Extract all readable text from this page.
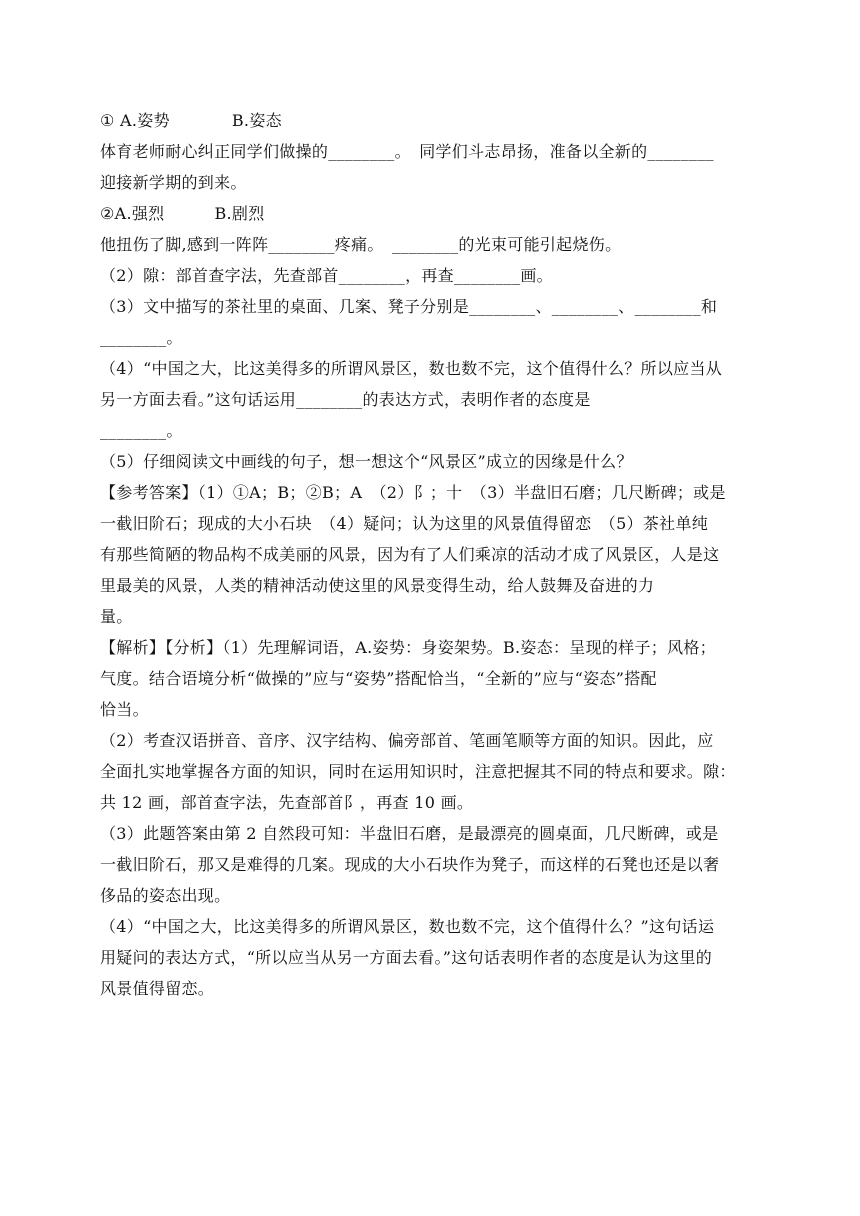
① A.姿势	B.姿态
体育老师耐心纠正同学们做操的________。　同学们斗志昂扬，准备以全新的________
迎接新学期的到来。
②A.强烈	B.剧烈
他扭伤了脚,感到一阵阵________疼痛。　________的光束可能引起烧伤。
（2）隙：部首查字法，先查部首________，再查________画。
（3）文中描写的茶社里的桌面、几案、凳子分别是________、________、________和
________。
（4）“中国之大，比这美得多的所谓风景区，数也数不完，这个值得什么？所以应当从
另一方面去看。”这句话运用________的表达方式，表明作者的态度是
________。
（5）仔细阅读文中画线的句子，想一想这个“风景区”成立的因缘是什么？
【参考答案】（1）①A；B；②B；A　（2）阝；十　（3）半盘旧石磨；几尺断碑；或是
一截旧阶石；现成的大小石块　（4）疑问；认为这里的风景值得留恋　（5）茶社单纯
有那些简陋的物品构不成美丽的风景，因为有了人们乘凉的活动才成了风景区，人是这
里最美的风景，人类的精神活动使这里的风景变得生动，给人鼓舞及奋进的力
量。
【解析】【分析】（1）先理解词语，A.姿势：身姿架势。B.姿态：呈现的样子；风格；
气度。结合语境分析“做操的”应与“姿势”搭配恰当，“全新的”应与“姿态”搭配
恰当。
（2）考查汉语拼音、音序、汉字结构、偏旁部首、笔画笔顺等方面的知识。因此，应
全面扎实地掌握各方面的知识，同时在运用知识时，注意把握其不同的特点和要求。隙：
共 12 画，部首查字法，先查部首阝，再查 10 画。
（3）此题答案由第 2 自然段可知：半盘旧石磨，是最漂亮的圆桌面，几尺断碑，或是
一截旧阶石，那又是难得的几案。现成的大小石块作为凳子，而这样的石凳也还是以奢
侈品的姿态出现。
（4）“中国之大，比这美得多的所谓风景区，数也数不完，这个值得什么？”这句话运
用疑问的表达方式，“所以应当从另一方面去看。”这句话表明作者的态度是认为这里的
风景值得留恋。
